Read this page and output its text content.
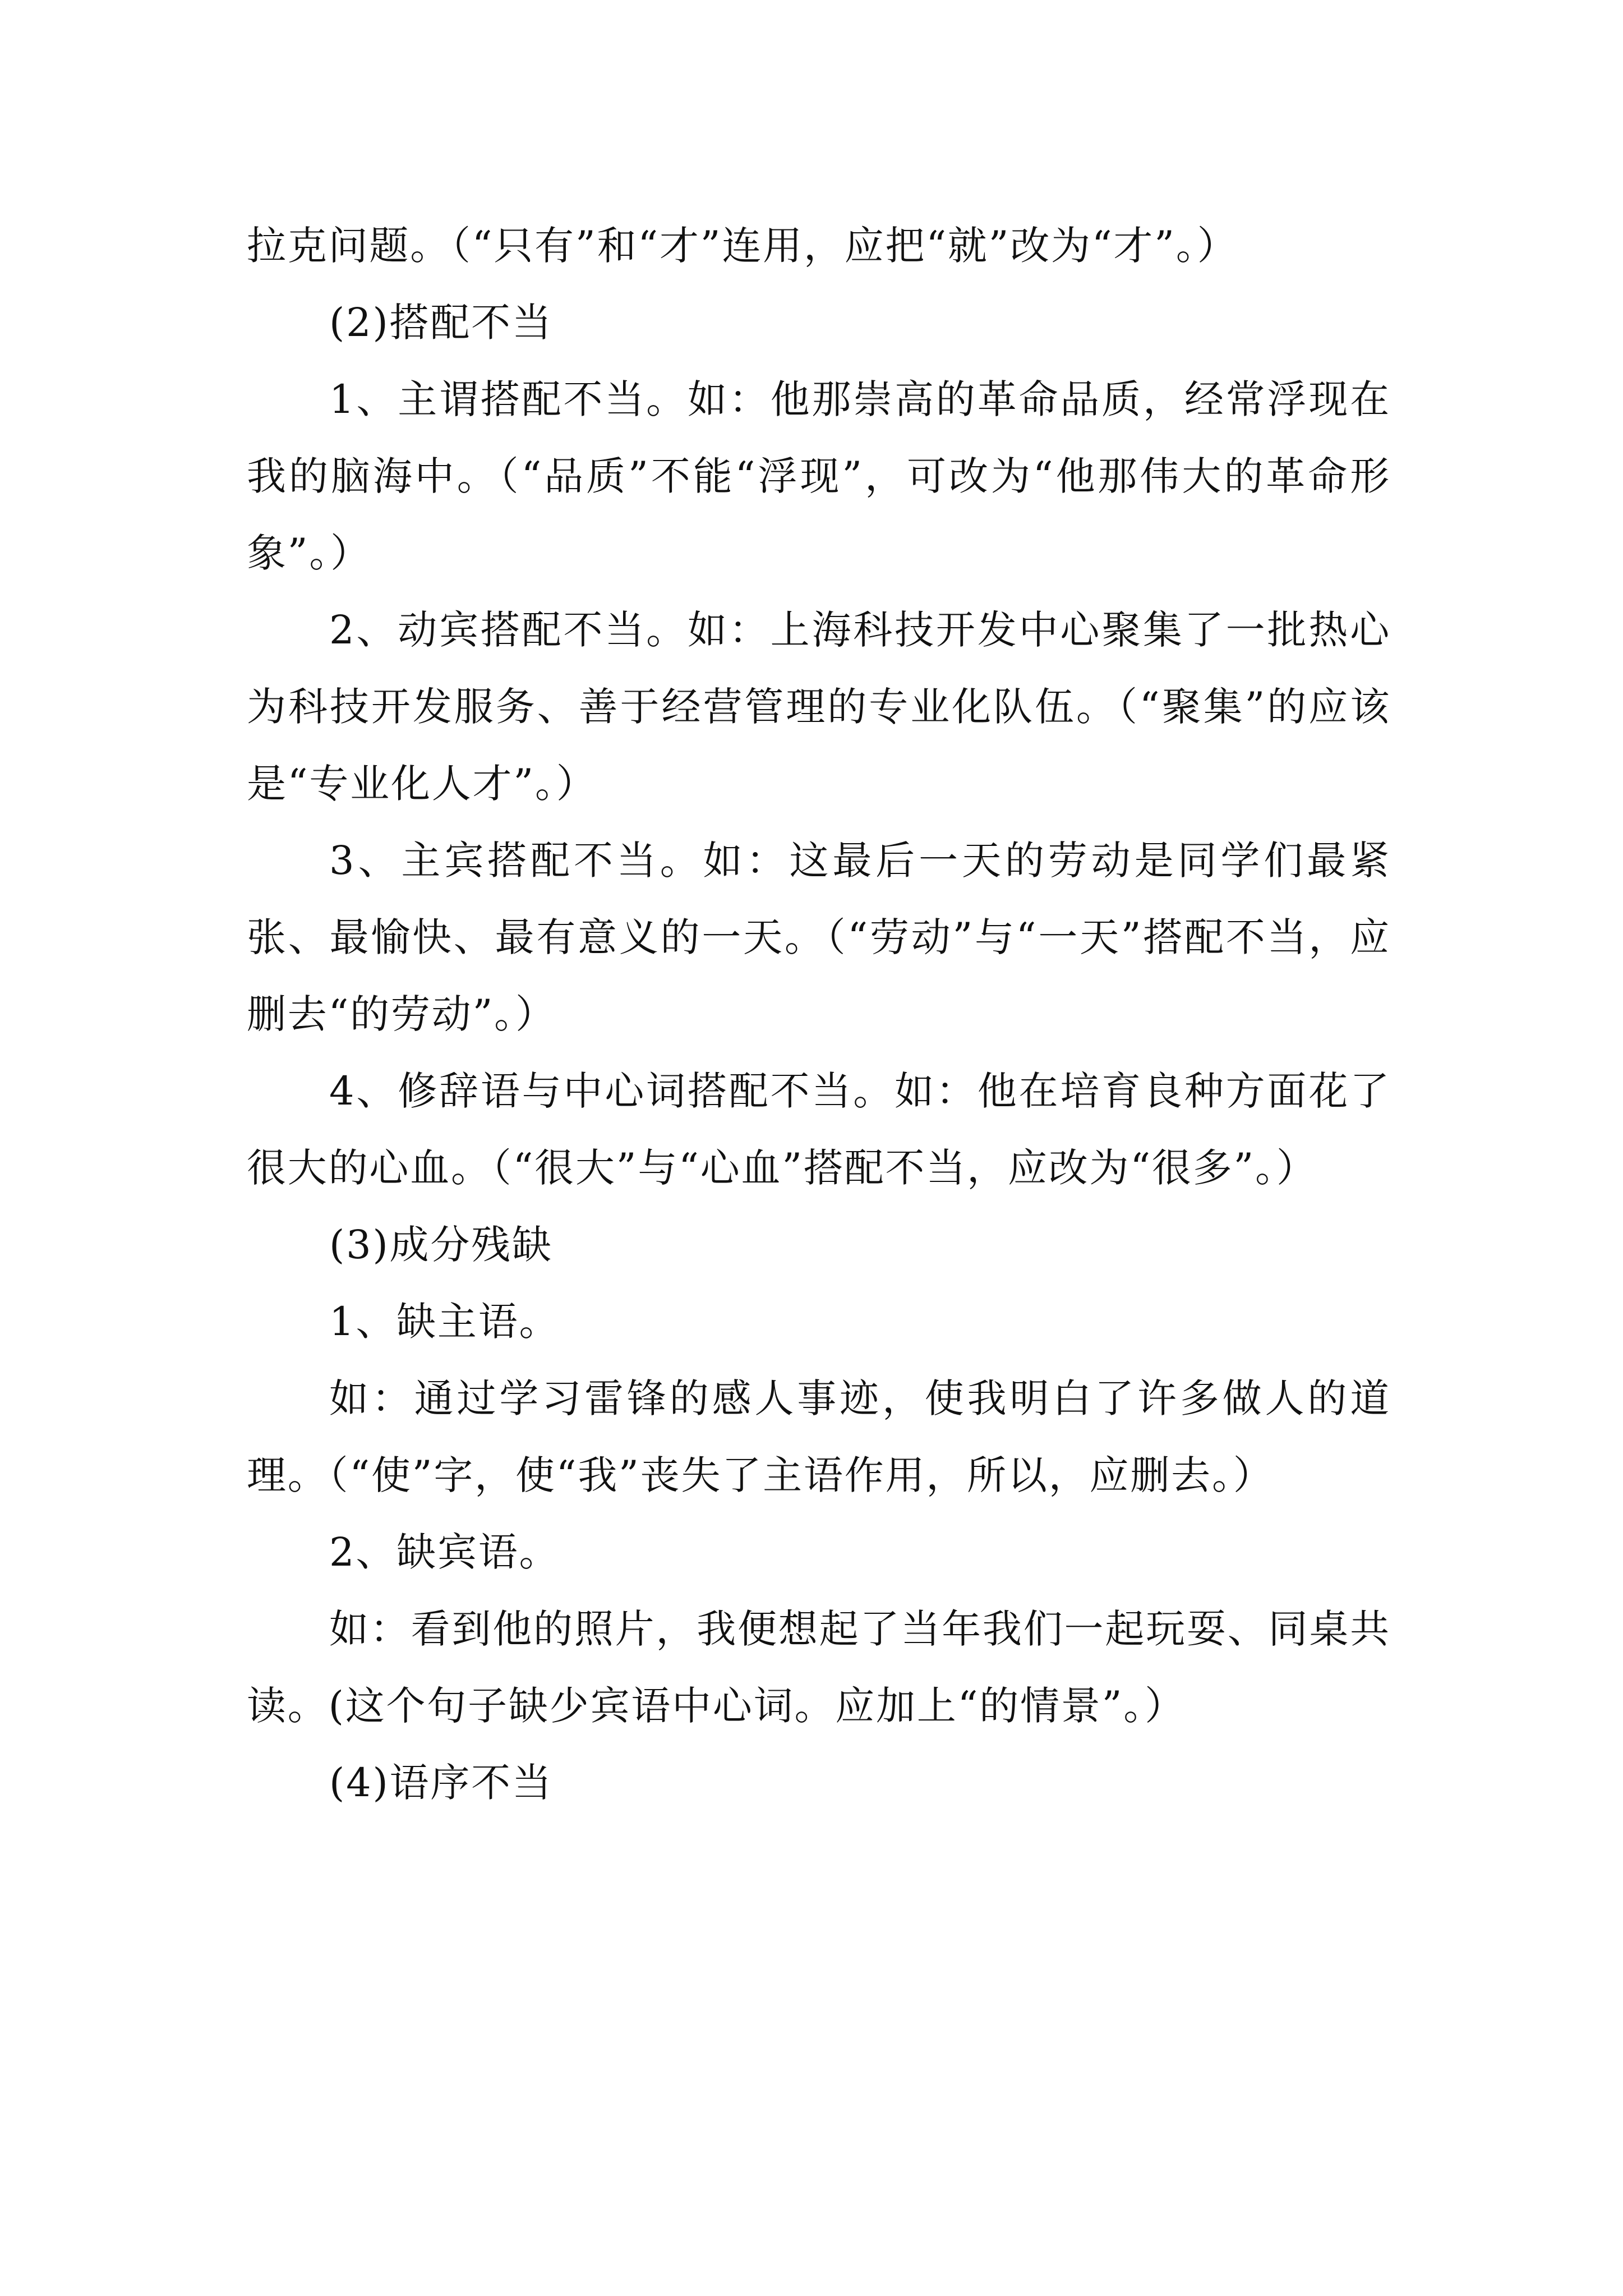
拉克问题。（“只有”和“才”连用，应把“就”改为“才”。）

(2)搭配不当

1、主谓搭配不当。如：他那崇高的革命品质，经常浮现在我的脑海中。（“品质”不能“浮现”，可改为“他那伟大的革命形象”。）

2、动宾搭配不当。如：上海科技开发中心聚集了一批热心为科技开发服务、善于经营管理的专业化队伍。（“聚集”的应该是“专业化人才”。）

3、主宾搭配不当。如：这最后一天的劳动是同学们最紧张、最愉快、最有意义的一天。（“劳动”与“一天”搭配不当，应删去“的劳动”。）

4、修辞语与中心词搭配不当。如：他在培育良种方面花了很大的心血。（“很大”与“心血”搭配不当，应改为“很多”。）

(3)成分残缺

1、缺主语。

如：通过学习雷锋的感人事迹，使我明白了许多做人的道理。（“使”字，使“我”丧失了主语作用，所以，应删去。）

2、缺宾语。

如：看到他的照片，我便想起了当年我们一起玩耍、同桌共读。(这个句子缺少宾语中心词。应加上“的情景”。）

(4)语序不当
